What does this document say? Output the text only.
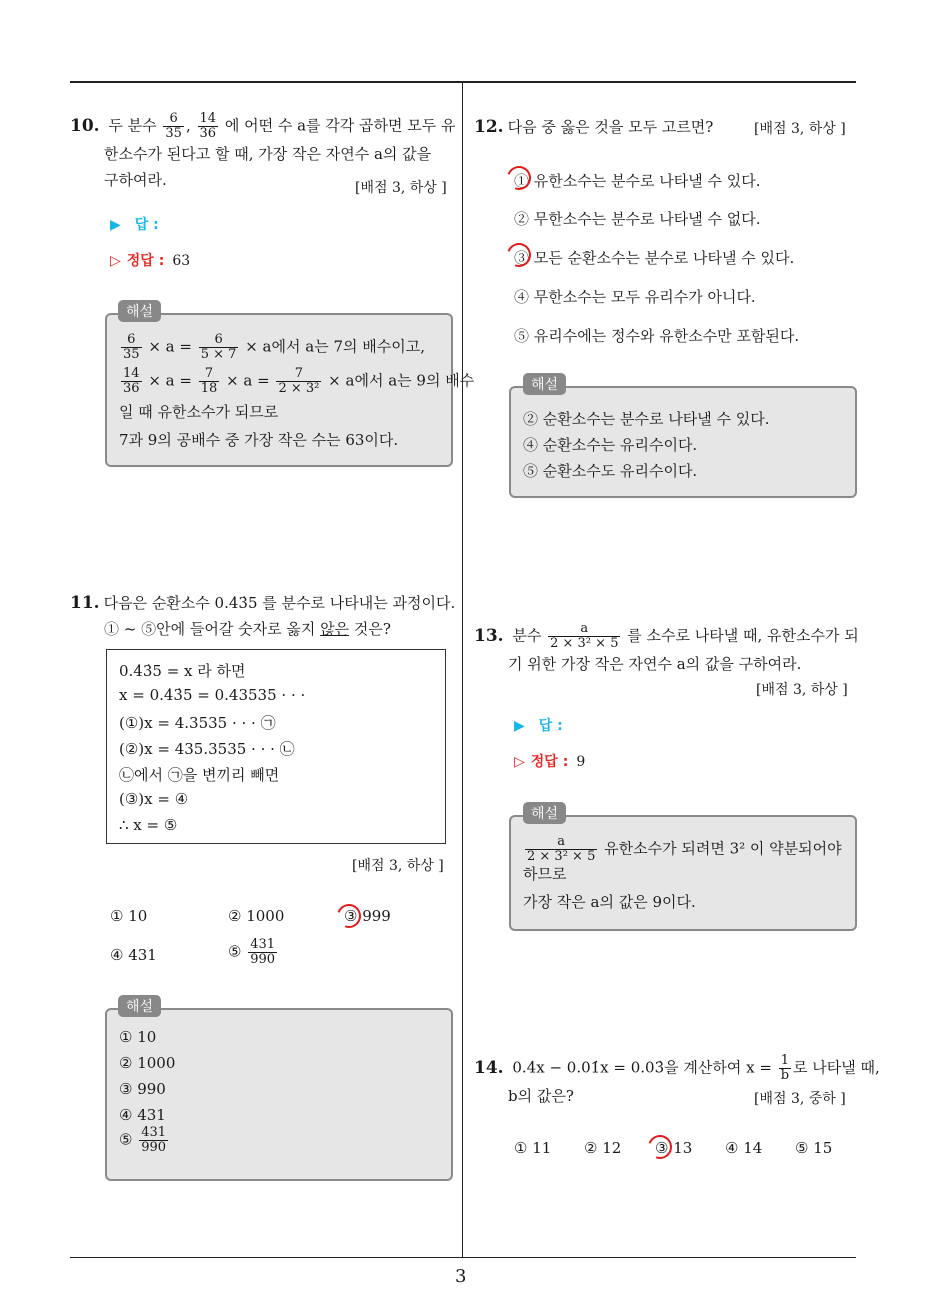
3
10. 두 분수 $\frac{6}{35}$ , $\frac{14}{36}$ 에 어떤 수 a를 각각 곱하면 모두 유
한소수가 된다고 할 때, 가장 작은 자연수 a의 값을
구하여라.	[배점 3, 하상 ]
▶ 답 :
▷ 정답 : 63
$\frac{6}{35} \times a = \frac{6}{5 \times 7} \times a$에서 a는 7의 배수이고,
$\frac{14}{36} \times a = \frac{7}{18} \times a = \frac{7}{\text{2 × 3²}} \times a$에서 a는 9의 배수
일 때 유한소수가 되므로
7과 9의 공배수 중 가장 작은 수는 63이다.
해설
11. 다음은 순환소수 0.4̇3̇5 를 분수로 나타내는 과정이다.
① ~ ⑤안에 들어갈 숫자로 옳지 않은 것은?
0.4̇3̇5 = x 라 하면
x = 0.4̇3̇5 = 0.43535 · · ·
(①)x = 4.3535 · · · ㉠
(②)x = 435.3535 · · · ㉡
㉡에서 ㉠을 변끼리 빼면
(③)x = ④
∴ x = ⑤
[배점 3, 하상 ]
① 10	② 1000	③ 999
④ 431	⑤ $\frac{431}{990}$
① 10
② 1000
③ 990
④ 431
⑤ $\frac{431}{990}$
해설
12. 다음 중 옳은 것을 모두 고르면?	[배점 3, 하상 ]
① 유한소수는 분수로 나타낼 수 있다.
② 무한소수는 분수로 나타낼 수 없다.
③ 모든 순환소수는 분수로 나타낼 수 있다.
④ 무한소수는 모두 유리수가 아니다.
⑤ 유리수에는 정수와 유한소수만 포함된다.
② 순환소수는 분수로 나타낼 수 있다.
④ 순환소수는 유리수이다.
⑤ 순환소수도 유리수이다.
해설
13. 분수 $\frac{a}{\text{2 × 3² × 5}}$ 를 소수로 나타낼 때, 유한소수가 되
기 위한 가장 작은 자연수 a의 값을 구하여라.
[배점 3, 하상 ]
▶ 답 :
▷ 정답 : 9
$\frac{a}{\text{2 × 3² × 5}}$ 유한소수가 되려면 3² 이 약분되어야
하므로
가장 작은 a의 값은 9이다.
해설
14. 0.4̇x − 0.01̇x = 0.03̇을 계산하여 $x = \frac{1}{b}$ 로 나타낼 때,
b의 값은?	[배점 3, 중하 ]
① 11 ② 12 ③ 13 ④ 14 ⑤ 15
